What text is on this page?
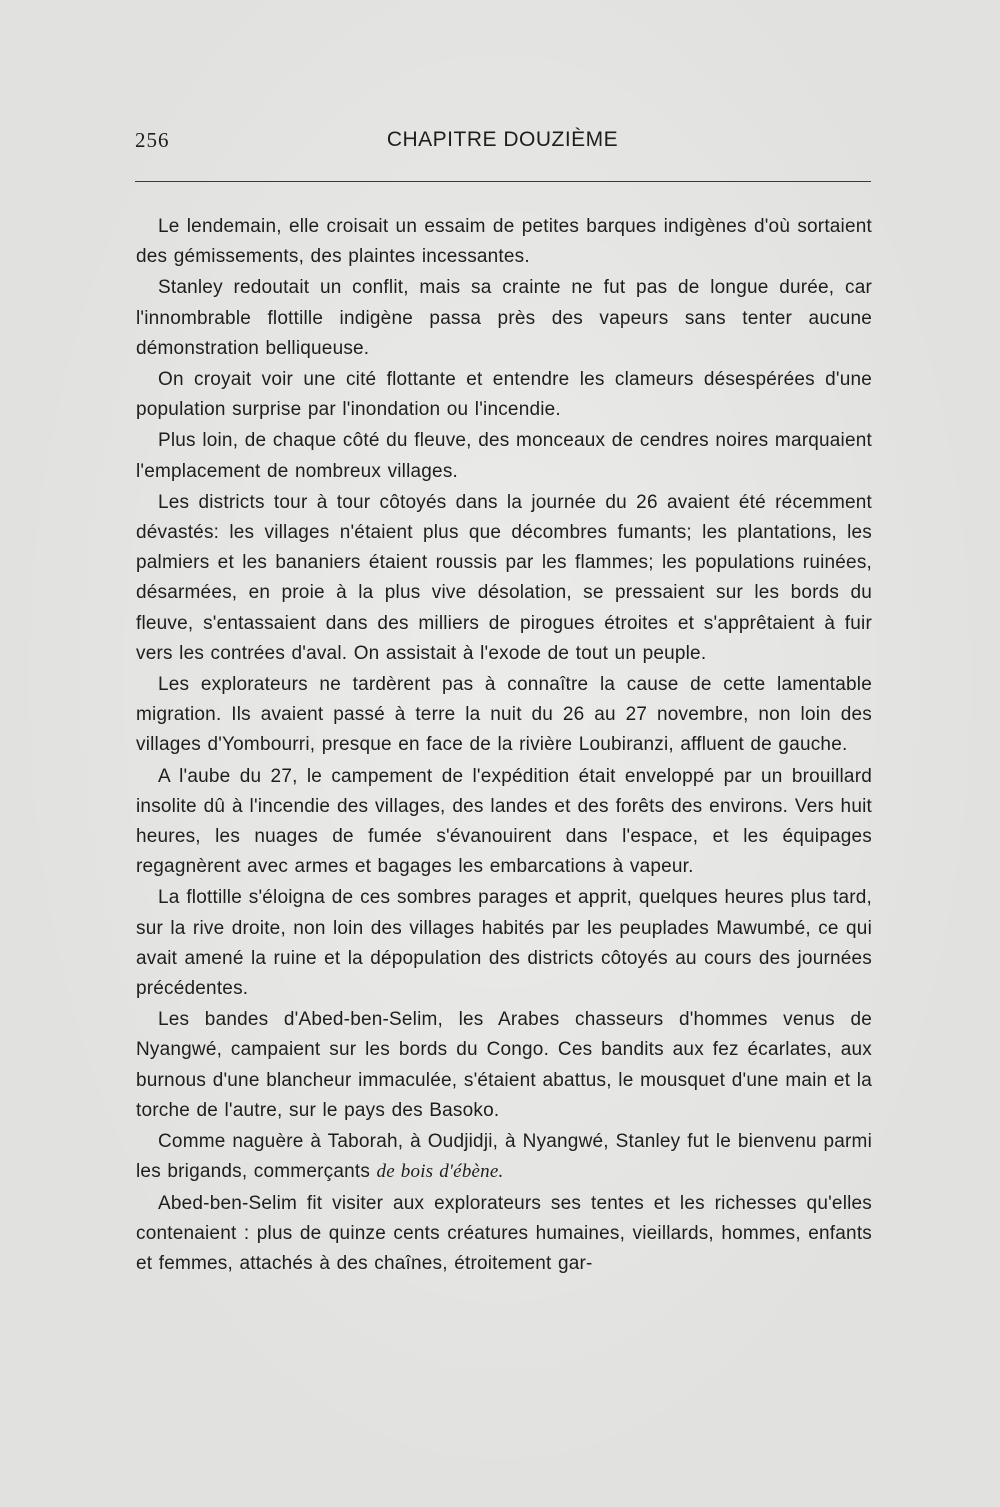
256	CHAPITRE DOUZIÈME

Le lendemain, elle croisait un essaim de petites barques indigènes d'où sortaient des gémissements, des plaintes incessantes.

Stanley redoutait un conflit, mais sa crainte ne fut pas de longue durée, car l'innombrable flottille indigène passa près des vapeurs sans tenter aucune démonstration belliqueuse.

On croyait voir une cité flottante et entendre les clameurs désespérées d'une population surprise par l'inondation ou l'incendie.

Plus loin, de chaque côté du fleuve, des monceaux de cendres noires marquaient l'emplacement de nombreux villages.

Les districts tour à tour côtoyés dans la journée du 26 avaient été récemment dévastés: les villages n'étaient plus que décombres fumants; les plantations, les palmiers et les bananiers étaient roussis par les flammes; les populations ruinées, désarmées, en proie à la plus vive désolation, se pressaient sur les bords du fleuve, s'entassaient dans des milliers de pirogues étroites et s'apprêtaient à fuir vers les contrées d'aval. On assistait à l'exode de tout un peuple.

Les explorateurs ne tardèrent pas à connaître la cause de cette lamentable migration. Ils avaient passé à terre la nuit du 26 au 27 novembre, non loin des villages d'Yombourri, presque en face de la rivière Loubiranzi, affluent de gauche.

A l'aube du 27, le campement de l'expédition était enveloppé par un brouillard insolite dû à l'incendie des villages, des landes et des forêts des environs. Vers huit heures, les nuages de fumée s'évanouirent dans l'espace, et les équipages regagnèrent avec armes et bagages les embarcations à vapeur.

La flottille s'éloigna de ces sombres parages et apprit, quelques heures plus tard, sur la rive droite, non loin des villages habités par les peuplades Mawumbé, ce qui avait amené la ruine et la dépopulation des districts côtoyés au cours des journées précédentes.

Les bandes d'Abed-ben-Selim, les Arabes chasseurs d'hommes venus de Nyangwé, campaient sur les bords du Congo. Ces bandits aux fez écarlates, aux burnous d'une blancheur immaculée, s'étaient abattus, le mousquet d'une main et la torche de l'autre, sur le pays des Basoko.

Comme naguère à Taborah, à Oudjidji, à Nyangwé, Stanley fut le bienvenu parmi les brigands, commerçants de bois d'ébène.

Abed-ben-Selim fit visiter aux explorateurs ses tentes et les richesses qu'elles contenaient : plus de quinze cents créatures humaines, vieillards, hommes, enfants et femmes, attachés à des chaînes, étroitement gar-
